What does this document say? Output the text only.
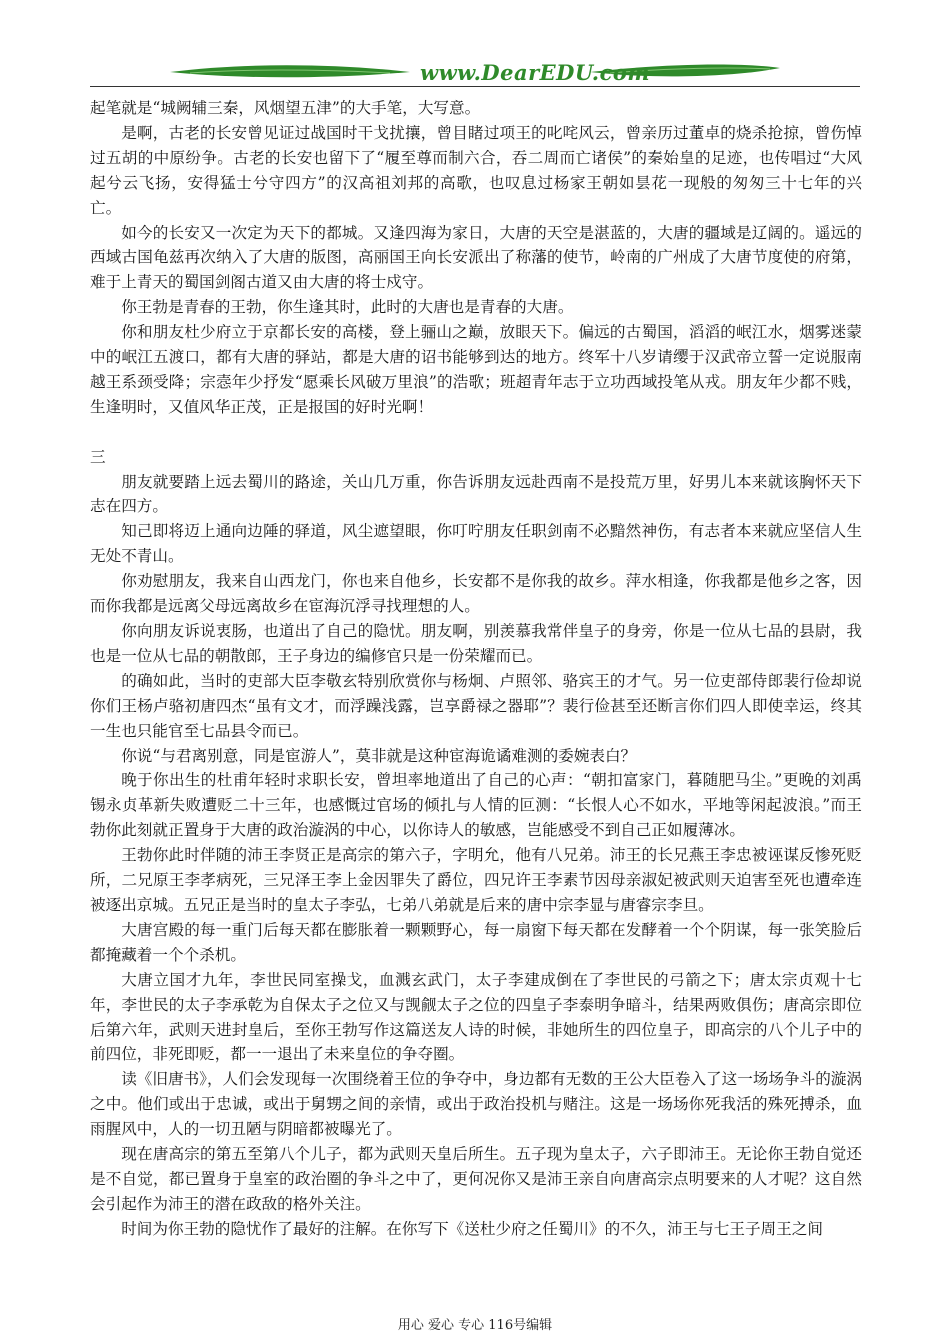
www.DearEDU.com

起笔就是“城阙辅三秦，风烟望五津”的大手笔，大写意。

是啊，古老的长安曾见证过战国时干戈扰攘，曾目睹过项王的叱咤风云，曾亲历过董卓的烧杀抢掠，曾伤悼过五胡的中原纷争。古老的长安也留下了“履至尊而制六合，吞二周而亡诸侯”的秦始皇的足迹，也传唱过“大风起兮云飞扬，安得猛士兮守四方”的汉高祖刘邦的高歌，也叹息过杨家王朝如昙花一现般的匆匆三十七年的兴亡。

如今的长安又一次定为天下的都城。又逢四海为家日，大唐的天空是湛蓝的，大唐的疆域是辽阔的。遥远的西域古国龟兹再次纳入了大唐的版图，高丽国王向长安派出了称藩的使节，岭南的广州成了大唐节度使的府第，难于上青天的蜀国剑阁古道又由大唐的将士戍守。

你王勃是青春的王勃，你生逢其时，此时的大唐也是青春的大唐。

你和朋友杜少府立于京都长安的高楼，登上骊山之巅，放眼天下。偏远的古蜀国，滔滔的岷江水，烟雾迷蒙中的岷江五渡口，都有大唐的驿站，都是大唐的诏书能够到达的地方。终军十八岁请缨于汉武帝立誓一定说服南越王系颈受降；宗悫年少抒发“愿乘长风破万里浪”的浩歌；班超青年志于立功西域投笔从戎。朋友年少都不贱，生逢明时，又值风华正茂，正是报国的好时光啊！

三

朋友就要踏上远去蜀川的路途，关山几万重，你告诉朋友远赴西南不是投荒万里，好男儿本来就该胸怀天下志在四方。

知己即将迈上通向边陲的驿道，风尘遮望眼，你叮咛朋友任职剑南不必黯然神伤，有志者本来就应坚信人生无处不青山。

你劝慰朋友，我来自山西龙门，你也来自他乡，长安都不是你我的故乡。萍水相逢，你我都是他乡之客，因而你我都是远离父母远离故乡在宦海沉浮寻找理想的人。

你向朋友诉说衷肠，也道出了自己的隐忧。朋友啊，别羡慕我常伴皇子的身旁，你是一位从七品的县尉，我也是一位从七品的朝散郎，王子身边的编修官只是一份荣耀而已。

的确如此，当时的吏部大臣李敬玄特别欣赏你与杨炯、卢照邻、骆宾王的才气。另一位吏部侍郎裴行俭却说你们王杨卢骆初唐四杰“虽有文才，而浮躁浅露，岂享爵禄之器耶”？裴行俭甚至还断言你们四人即使幸运，终其一生也只能官至七品县令而已。

你说“与君离别意，同是宦游人”，莫非就是这种宦海诡谲难测的委婉表白？

晚于你出生的杜甫年轻时求职长安，曾坦率地道出了自己的心声：“朝扣富家门，暮随肥马尘。”更晚的刘禹锡永贞革新失败遭贬二十三年，也感慨过官场的倾扎与人情的叵测：“长恨人心不如水，平地等闲起波浪。”而王勃你此刻就正置身于大唐的政治漩涡的中心，以你诗人的敏感，岂能感受不到自己正如履薄冰。

王勃你此时伴随的沛王李贤正是高宗的第六子，字明允，他有八兄弟。沛王的长兄燕王李忠被诬谋反惨死贬所，二兄原王李孝病死，三兄泽王李上金因罪失了爵位，四兄许王李素节因母亲淑妃被武则天迫害至死也遭牵连被逐出京城。五兄正是当时的皇太子李弘，七弟八弟就是后来的唐中宗李显与唐睿宗李旦。

大唐宫殿的每一重门后每天都在膨胀着一颗颗野心，每一扇窗下每天都在发酵着一个个阴谋，每一张笑脸后都掩藏着一个个杀机。

大唐立国才九年，李世民同室操戈，血溅玄武门，太子李建成倒在了李世民的弓箭之下；唐太宗贞观十七年，李世民的太子李承乾为自保太子之位又与觊觎太子之位的四皇子李泰明争暗斗，结果两败俱伤；唐高宗即位后第六年，武则天进封皇后，至你王勃写作这篇送友人诗的时候，非她所生的四位皇子，即高宗的八个儿子中的前四位，非死即贬，都一一退出了未来皇位的争夺圈。

读《旧唐书》，人们会发现每一次围绕着王位的争夺中，身边都有无数的王公大臣卷入了这一场场争斗的漩涡之中。他们或出于忠诚，或出于舅甥之间的亲情，或出于政治投机与赌注。这是一场场你死我活的殊死搏杀，血雨腥风中，人的一切丑陋与阴暗都被曝光了。

现在唐高宗的第五至第八个儿子，都为武则天皇后所生。五子现为皇太子，六子即沛王。无论你王勃自觉还是不自觉，都已置身于皇室的政治圈的争斗之中了，更何况你又是沛王亲自向唐高宗点明要来的人才呢？这自然会引起作为沛王的潜在政敌的格外关注。

时间为你王勃的隐忧作了最好的注解。在你写下《送杜少府之任蜀川》的不久，沛王与七王子周王之间

用心 爱心 专心 116号编辑
